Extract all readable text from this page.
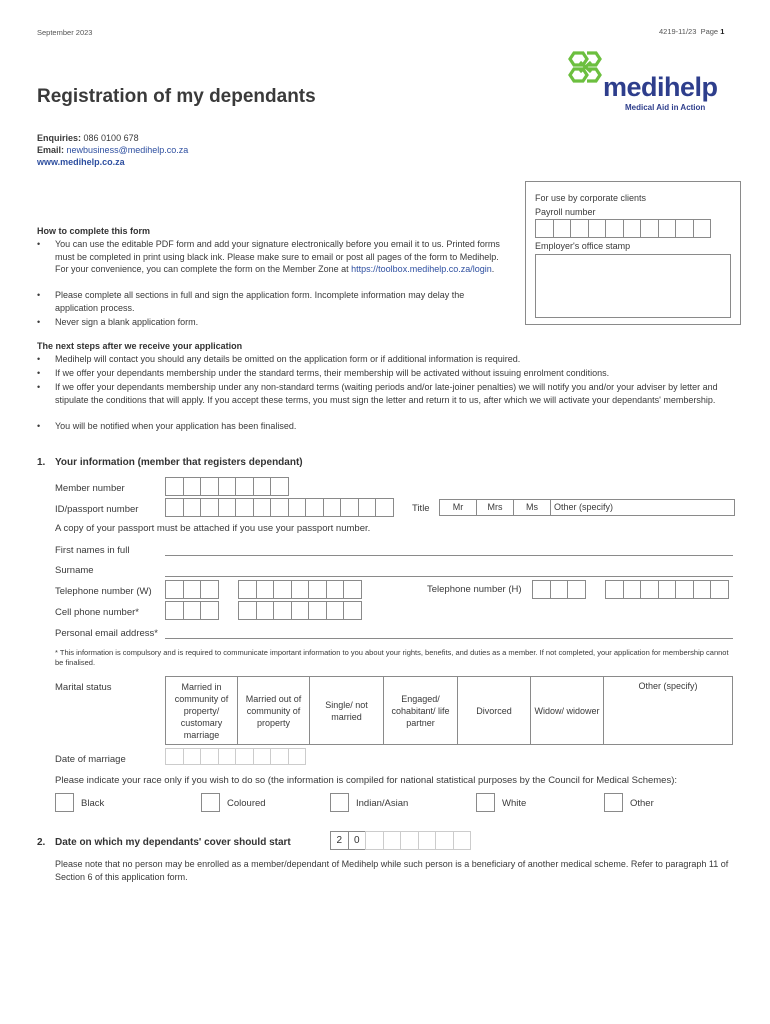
September 2023	4219-11/23 Page 1
medihelp
Medical Aid in Action
Registration of my dependants
Enquiries: 086 0100 678
Email: newbusiness@medihelp.co.za
www.medihelp.co.za
For use by corporate clients
Payroll number
Employer's office stamp
How to complete this form
• You can use the editable PDF form and add your signature electronically before you email it to us. Printed forms must be completed in print using black ink. Please make sure to email or post all pages of the form to Medihelp. For your convenience, you can complete the form on the Member Zone at https://toolbox.medihelp.co.za/login.
• Please complete all sections in full and sign the application form. Incomplete information may delay the application process.
• Never sign a blank application form.
The next steps after we receive your application
• Medihelp will contact you should any details be omitted on the application form or if additional information is required.
• If we offer your dependants membership under the standard terms, their membership will be activated without issuing enrolment conditions.
• If we offer your dependants membership under any non-standard terms (waiting periods and/or late-joiner penalties) we will notify you and/or your adviser by letter and stipulate the conditions that will apply. If you accept these terms, you must sign the letter and return it to us, after which we will activate your dependants' membership.
• You will be notified when your application has been finalised.
1. Your information (member that registers dependant)
Member number
ID/passport number	Title	Mr	Mrs	Ms	Other (specify)
A copy of your passport must be attached if you use your passport number.
First names in full
Surname
Telephone number (W)	Telephone number (H)
Cell phone number*
Personal email address*
* This information is compulsory and is required to communicate important information to you about your rights, benefits, and duties as a member. If not completed, your application for membership cannot be finalised.
Marital status	Married in community of property/ customary marriage	Married out of community of property	Single/ not married	Engaged/ cohabitant/ life partner	Divorced	Widow/ widower	Other (specify)
Date of marriage
Please indicate your race only if you wish to do so (the information is compiled for national statistical purposes by the Council for Medical Schemes):
Black	Coloured	Indian/Asian	White	Other
2. Date on which my dependants' cover should start	2	0
Please note that no person may be enrolled as a member/dependant of Medihelp while such person is a beneficiary of another medical scheme. Refer to paragraph 11 of Section 6 of this application form.
